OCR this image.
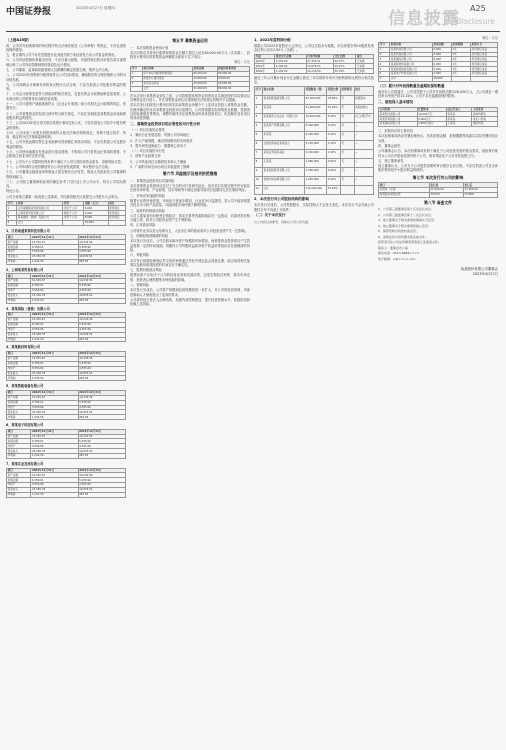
中国证券报	2023年4月27日 星期四
信息披露
A25
Disclosure
（上接A25版）

四、公司对外担保事项的审议程序符合法律法规及《公司章程》的规定，不存在违规担保的情形。

五、报告期内公司不存在控股股东及其他关联方非经营性占用公司资金的情况。

六、公司内部控制体系健全有效，不存在重大缺陷，内部控制自我评价报告真实客观地反映了公司内部控制制度的建设及运行情况。

七、公司董事、监事和高级管理人员薪酬的确定依据合理，程序合法合规。

八、公司2022年度利润分配预案符合公司实际情况，兼顾股东的合理回报和公司的可持续发展。

九、公司续聘会计师事务所的审议程序合法合规，不存在损害公司及股东利益的情形。

十、公司会计政策变更符合财政部的相关规定，变更后的会计政策能够更加客观、公允地反映公司的财务状况和经营成果。

十一、公司计提资产减值准备符合《企业会计准则》和公司相关会计政策的规定，依据充分。

十二、公司募集资金的存放与使用符合相关规定，不存在变相改变募集资金用途和损害股东利益的情况。

十三、公司2023年度日常关联交易预计事项定价公允，不存在损害公司及中小股东利益的情形。

十四、公司未来三年股东回报规划符合相关法律法规的规定，有利于建立科学、持续、稳定的分红决策和监督机制。

十五、公司开展远期结售汇业务能够有效规避汇率波动风险，不存在损害公司及股东利益的情形。

十六、公司使用闲置自有资金进行现金管理，不影响公司日常资金正常周转需要，不会影响主营业务的正常开展。

十七、公司为子公司提供担保有利于满足子公司日常经营资金需求，担保风险可控。

十八、公司申请综合授信额度符合公司经营发展需要，审议程序合法合规。

十九、公司董事会换届选举的候选人提名程序合法有效，候选人具备担任公司董事的资格和能力。

二十、公司独立董事津贴标准的确定参考了同行业上市公司水平，符合公司实际情况。

特此公告。

公司全体独立董事一致同意上述事项，并同意将相关议案提交公司股东大会审议。

序号	名称	类型	金额（万元）	备注
1	江苏南通某某科技有限公司	全资子公司	5,000	连带责任
2	上海某某贸易有限公司	控股子公司	3,000	连带责任
3	某某国际（香港）有限公司	全资子公司	8,000	连带责任
4	合计		16,000	
1、江苏南通某某科技有限公司
项目	2022年12月31日	2021年12月31日
资产总额	12,345.67	10,234.56
负债总额	6,789.01	5,678.90
净资产	5,556.66	4,555.66
营业收入	23,456.78	19,876.54
净利润	1,234.56	987.65
2、上海某某贸易有限公司
项目	2022年12月31日	2021年12月31日
资产总额	12,345.67	10,234.56
负债总额	6,789.01	5,678.90
净资产	5,556.66	4,555.66
营业收入	23,456.78	19,876.54
净利润	1,234.56	987.65
3、某某国际（香港）有限公司
项目	2022年12月31日	2021年12月31日
资产总额	12,345.67	10,234.56
负债总额	6,789.01	5,678.90
净资产	5,556.66	4,555.66
营业收入	23,456.78	19,876.54
净利润	1,234.56	987.65
4、某某新材料有限公司
项目	2022年12月31日	2021年12月31日
资产总额	12,345.67	10,234.56
负债总额	6,789.01	5,678.90
净资产	5,556.66	4,555.66
营业收入	23,456.78	19,876.54
净利润	1,234.56	987.65
5、某某智能装备有限公司
项目	2022年12月31日	2021年12月31日
资产总额	12,345.67	10,234.56
负债总额	6,789.01	5,678.90
净资产	5,556.66	4,555.66
营业收入	23,456.78	19,876.54
净利润	1,234.56	987.65
6、某某电子科技有限公司
项目	2022年12月31日	2021年12月31日
资产总额	12,345.67	10,234.56
负债总额	6,789.01	5,678.90
净资产	5,556.66	4,555.66
营业收入	23,456.78	19,876.54
净利润	1,234.56	987.65
7、某某实业发展有限公司
项目	2022年12月31日	2021年12月31日
资产总额	12,345.67	10,234.56
负债总额	6,789.01	5,678.90
净资产	5,556.66	4,555.66
营业收入	23,456.78	19,876.54
净利润	1,234.56	987.65
第五节 募集资金运用

一、本次募集资金使用计划

本次向特定对象发行股票募集资金总额不超过人民币80,000.00万元（含本数），扣除发行费用后的募集资金净额将全部用于以下项目：

单位：万元

序号	项目名称	投资总额	拟使用募集资金
1	年产10万吨新型材料项目	65,000.00	56,000.00
2	研发中心建设项目	10,000.00	8,000.00
3	补充流动资金	16,000.00	16,000.00
	合计	91,000.00	80,000.00

在本次发行募集资金到位之前，公司将根据募集资金投资项目实施进度的实际情况以自筹资金先行投入，并在募集资金到位后按照相关法规规定的程序予以置换。

若本次发行扣除发行费用后的实际募集资金净额少于上述项目拟投入募集资金总额，在最终确定的本次募集资金投资项目范围内，公司将根据实际募集资金数额，按照项目的轻重缓急等情况，调整并最终决定募集资金的具体投资项目、优先顺序及各项目的具体投资额。

二、募集资金投资项目的必要性和可行性分析

（一）项目实施的必要性

1、顺应行业发展趋势，巩固公司市场地位

2、扩大产能规模，满足持续增长的市场需求

3、提升研发创新能力，增强核心竞争力

（二）项目实施的可行性

1、国家产业政策支持

2、公司具备项目实施的技术和人才储备

3、广阔的市场空间为项目实施提供了保障

第六节 风险提示及相关防范措施

一、募集资金投资项目实施风险

本次募集资金投资项目经过了充分的可行性研究论证，但在项目实施过程中仍可能存在因市场环境、产业政策、技术革新等不确定因素导致项目延期或无法实施的风险。

二、市场竞争加剧的风险

随着行业的快速发展，市场参与者逐步增加，行业竞争日趋激烈。若公司不能持续提升技术水平和产品质量，可能面临市场份额下降的风险。

三、原材料价格波动风险

公司主要原材料价格受宏观经济、供求关系等因素影响存在一定波动，若原材料价格大幅上涨，将对公司经营业绩产生不利影响。

四、汇率波动风险

公司境外业务以美元结算为主，人民币汇率的波动将对公司经营业绩产生一定影响。

五、即期回报被摊薄的风险

本次发行完成后，公司总股本和净资产规模将有所增加，而募集资金投资项目产生效益需要一定的时间周期，短期内公司每股收益和净资产收益率等指标存在被摊薄的风险。

六、审批风险

本次发行尚需经深圳证券交易所审核通过并经中国证监会同意注册，能否取得相关批准以及最终取得批准的时间存在不确定性。

七、股票价格波动风险

股票价格不仅取决于公司的经营业绩和发展前景，还受宏观经济形势、资本市场走势、投资者心理预期等多种因素的影响。

八、管理风险

本次发行完成后，公司资产规模和经营规模将进一步扩大，对公司的经营管理、内部控制和人才储备提出了更高的要求。

公司将持续完善法人治理结构，加强内部控制建设，提升经营管理水平，积极防范和化解上述风险。

1、2022年度利润分配

根据公司2022年度股东大会决议，公司以总股本为基数，向全体股东每10股派发现金红利人民币2.50元（含税）。

年度	现金分红金额	归母净利润	分红比例	备注
2022年	5,250.00	17,345.21	30.27%	已实施
2021年	4,200.00	13,876.54	30.27%	已实施
2020年	3,150.00	10,234.89	30.78%	已实施

最近三年公司累计现金分红金额占最近三年实现的年均可分配利润的比例符合相关规定。

序号	股东名称	持股数量（股）	持股比例	质押情况	备注
1	某某控股集团有限公司	63,000,000	30.00%	无	控股股东
2	张某某	21,000,000	10.00%	无	实际控制人
3	某某投资合伙企业（有限合伙）	10,500,000	5.00%	无	员工持股平台
4	某某资产管理有限公司	6,300,000	3.00%	无	—
5	李某某	4,200,000	2.00%	无	—
6	全国社保基金某某组合	3,150,000	1.50%	无	—
7	某某证券投资基金	2,100,000	1.00%	无	—
8	王某某	1,680,000	0.80%	无	—
9	某某保险股份有限公司	1,260,000	0.60%	无	—
10	香港中央结算有限公司	1,050,000	0.50%	无	—
11	合计	114,240,000	54.40%		

2、本次发行对公司股权结构的影响

本次发行完成后，公司控股股东、实际控制人不会发生变化，本次发行不会导致公司股权分布不具备上市条件。

（二）关于本次发行

以上内容仅供参考，具体以公司公告为准。

单位：万元

序号	担保对象	担保金额	担保期限	担保方式
1	某某科技有限公司	5,000	1年	连带责任保证
2	某某贸易有限公司	3,000	1年	连带责任保证
3	某某国际有限公司	8,000	2年	连带责任保证
4	某某新材料有限公司	6,000	1年	连带责任保证
5	某某智能装备有限公司	4,000	1年	连带责任保证
6	某某电子科技有限公司	2,000	1年	连带责任保证
7	合计	28,000		

（三）累计对外担保数量及逾期担保的数量

截至本公告披露日，公司及控股子公司对外担保总额为28,000万元，占公司最近一期经审计净资产的15.32%，公司不存在逾期担保的情形。

二、被担保人基本情况

公司名称	注册资本	法定代表人	主营业务
某某科技有限公司	10,000万元	张某某	新材料研发
某某贸易有限公司	5,000万元	李某某	进出口贸易
某某国际有限公司	1,000万美元	王某某	国际贸易

三、担保协议的主要内容

本次担保事项尚未签署担保协议，具体担保金额、担保期限等条款以实际签署的协议为准。

四、董事会意见

公司董事会认为，本次担保事项有利于满足子公司经营发展的资金需求，被担保对象均为公司合并报表范围内的子公司，财务风险处于公司可控范围之内。

五、独立董事意见

独立董事认为，公司为子公司提供担保的审议程序合法合规，不存在损害公司及全体股东特别是中小股东利益的情形。

第七节 本次发行对公司的影响
项目	发行前	发行后
总股本（万股）	21,000.00	27,300.00
控股股东持股比例	30.00%	23.08%
第八节 备查文件

1、公司第三届董事会第十五次会议决议；

2、公司第三届监事会第十二次会议决议；

3、独立董事关于相关事项的事前认可意见；

4、独立董事关于相关事项的独立意见；

5、保荐机构出具的核查意见；

6、深圳证券交易所要求的其他文件。

投资者可在公司证券事务部查阅上述备查文件。

联系人：董事会办公室

联系电话：0513-8888××××

电子邮箱：ir@××××.com

某某股份有限公司董事会
2023年4月27日
